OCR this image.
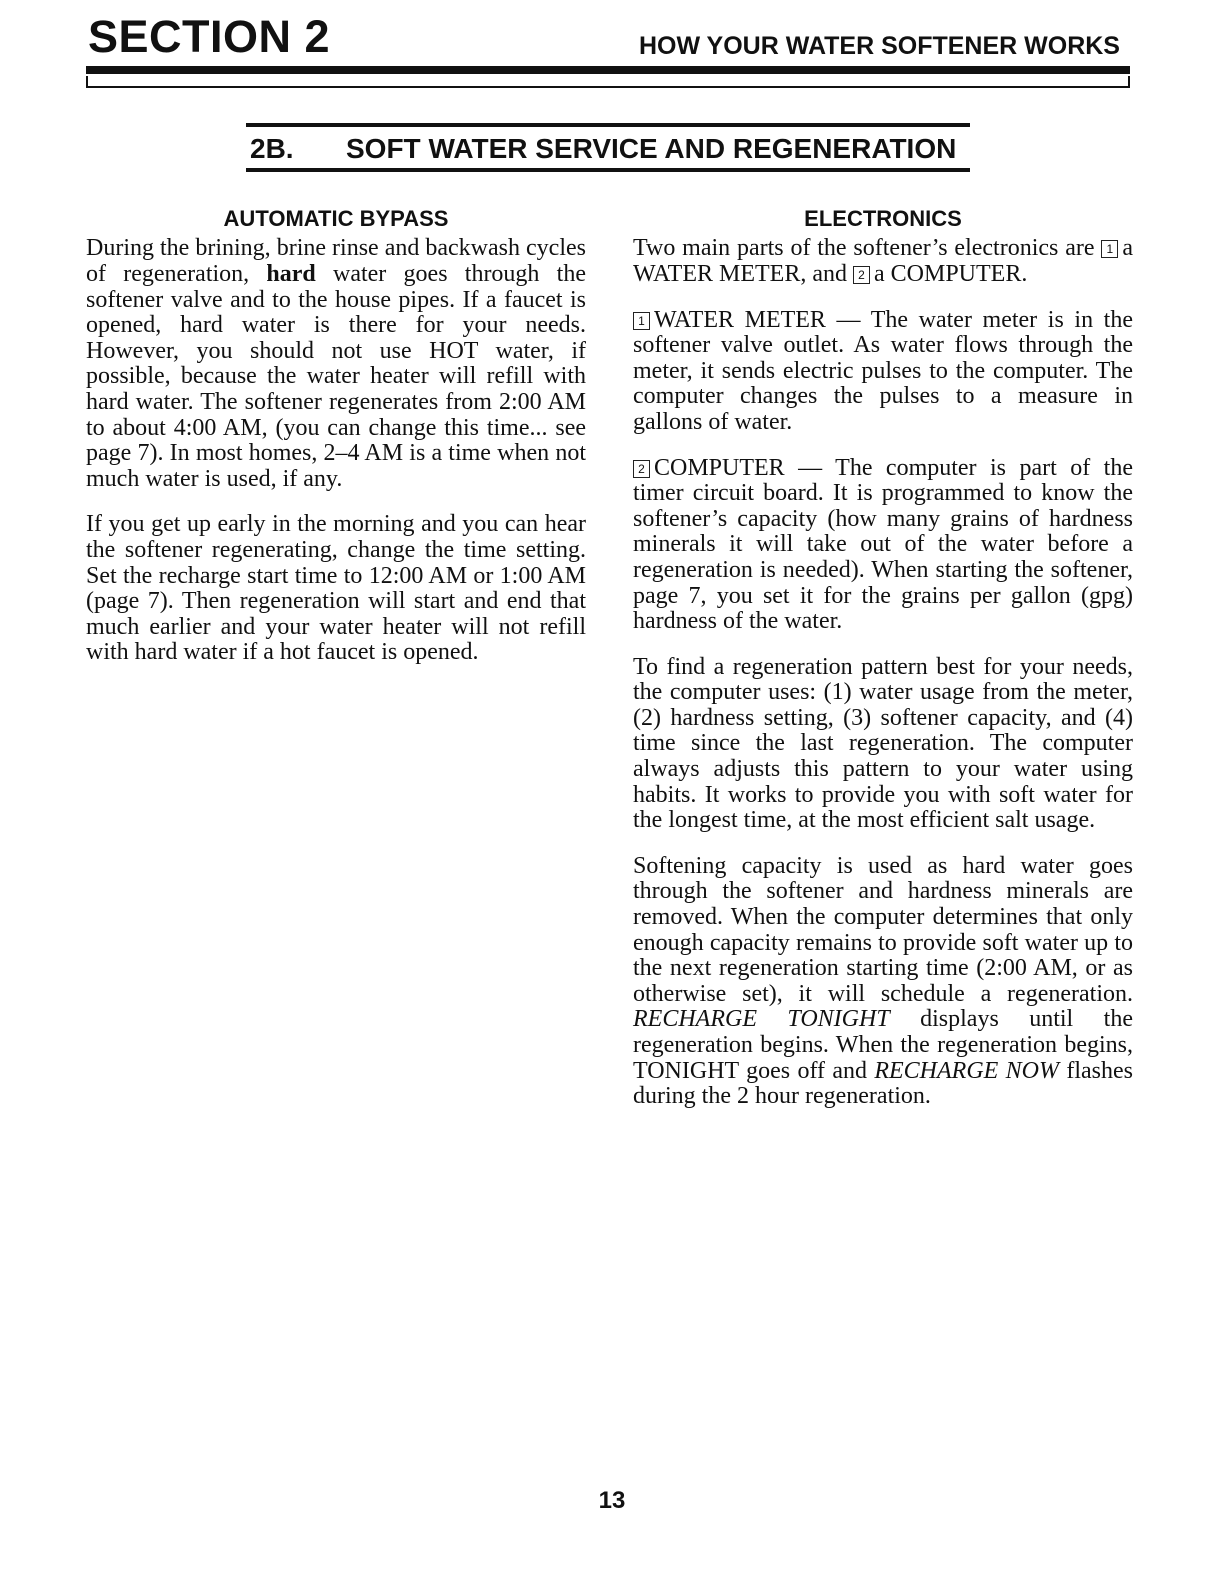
SECTION 2	HOW YOUR WATER SOFTENER WORKS
2B. SOFT WATER SERVICE AND REGENERATION
AUTOMATIC BYPASS

During the brining, brine rinse and backwash cycles of regeneration, hard water goes through the softener valve and to the house pipes. If a faucet is opened, hard water is there for your needs. However, you should not use HOT water, if possible, because the water heater will refill with hard water. The softener regenerates from 2:00 AM to about 4:00 AM, (you can change this time... see page 7). In most homes, 2–4 AM is a time when not much water is used, if any.

If you get up early in the morning and you can hear the softener regenerating, change the time setting. Set the recharge start time to 12:00 AM or 1:00 AM (page 7). Then regeneration will start and end that much earlier and your water heater will not refill with hard water if a hot faucet is opened.

ELECTRONICS

Two main parts of the softener’s electronics are 1 a WATER METER, and 2 a COMPUTER.

1 WATER METER — The water meter is in the softener valve outlet. As water flows through the meter, it sends electric pulses to the computer. The computer changes the pulses to a measure in gallons of water.

2 COMPUTER — The computer is part of the timer circuit board. It is programmed to know the softener’s capacity (how many grains of hardness minerals it will take out of the water before a regeneration is needed). When starting the softener, page 7, you set it for the grains per gallon (gpg) hardness of the water.

To find a regeneration pattern best for your needs, the computer uses: (1) water usage from the meter, (2) hardness setting, (3) softener capacity, and (4) time since the last regeneration. The computer always adjusts this pattern to your water using habits. It works to provide you with soft water for the longest time, at the most efficient salt usage.

Softening capacity is used as hard water goes through the softener and hardness minerals are removed. When the computer determines that only enough capacity remains to provide soft water up to the next regeneration starting time (2:00 AM, or as otherwise set), it will schedule a regeneration. RECHARGE TONIGHT displays until the regeneration begins. When the regeneration begins, TONIGHT goes off and RECHARGE NOW flashes during the 2 hour regeneration.

13
